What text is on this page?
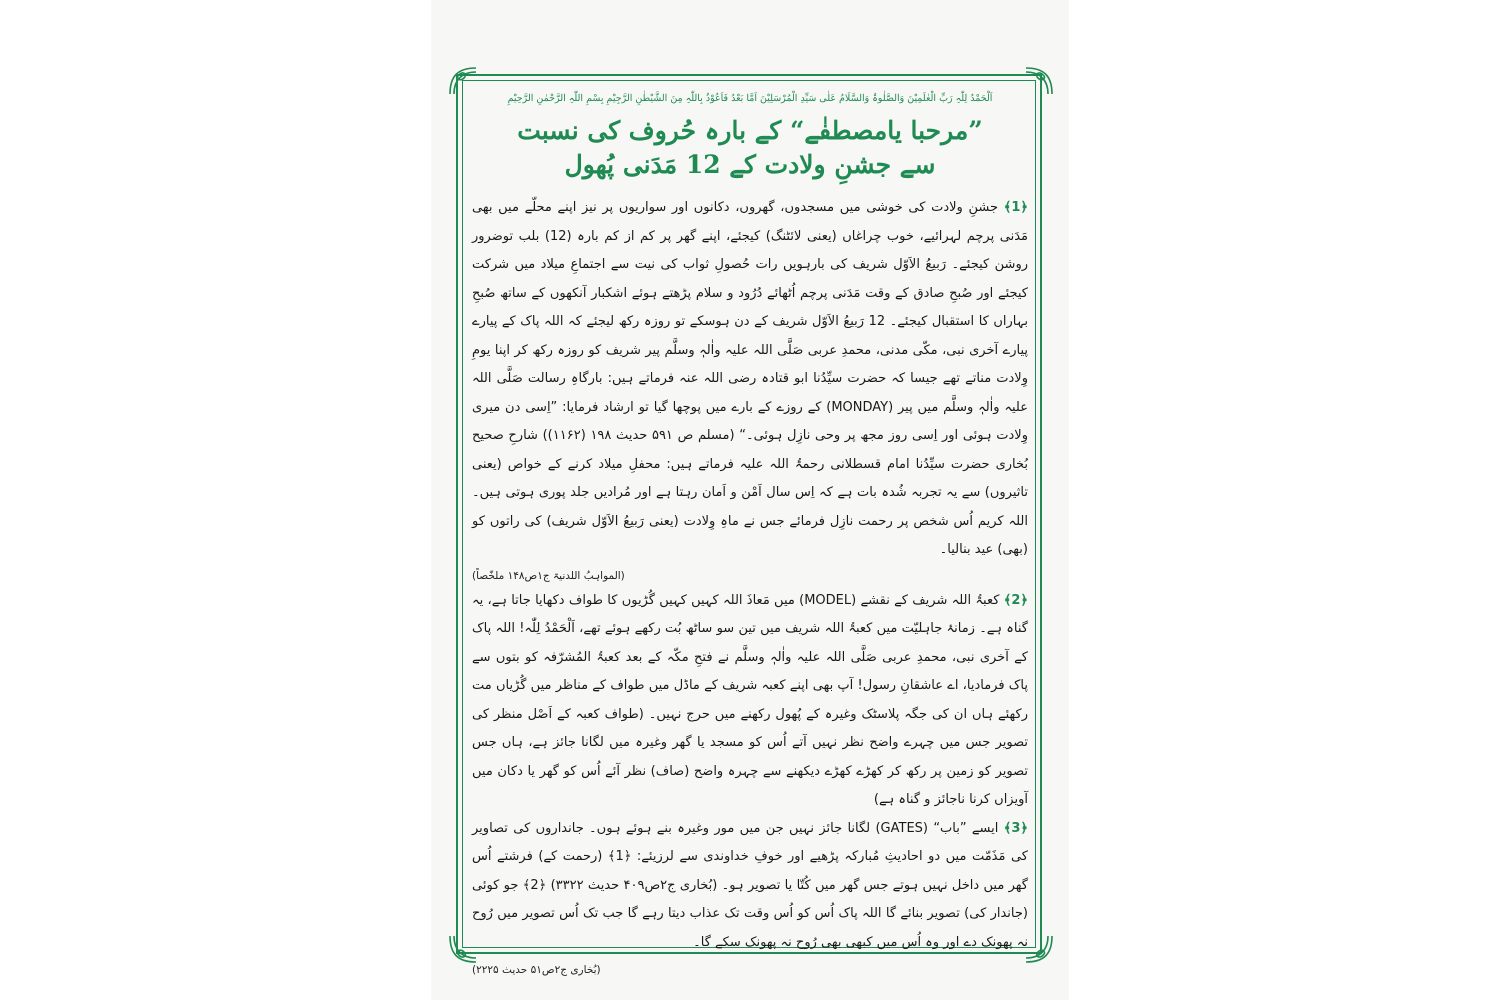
اَلْحَمْدُ لِلّٰہِ رَبِّ الْعٰلَمِیْنَ وَالصَّلٰوۃُ وَالسَّلَامُ عَلٰی سَیِّدِ الْمُرْسَلِیْنَ اَمَّا بَعْدُ فَاَعُوْذُ بِاللّٰہِ مِنَ الشَّیْطٰنِ الرَّجِیْمِ بِسْمِ اللّٰہِ الرَّحْمٰنِ الرَّحِیْمِ
”مرحبا یامصطفٰے“ کے بارہ حُروف کی نسبت
سے جشنِ ولادت کے 12 مَدَنی پُھول

﴿1﴾ جشنِ ولادت کی خوشی میں مسجدوں، گھروں، دکانوں اور سواریوں پر نیز اپنے محلّے میں بھی مَدَنی پرچم لہرائیے، خوب چراغاں (یعنی لائٹنگ) کیجئے، اپنے گھر پر کم از کم بارہ (12) بلب توضرور روشن کیجئے۔ رَبیعُ الاَوّل شریف کی بارہویں رات حُصولِ ثواب کی نیت سے اجتماعِ میلاد میں شرکت کیجئے اور صُبحِ صادق کے وقت مَدَنی پرچم اُٹھائے دُرُود و سلام پڑھتے ہوئے اشکبار آنکھوں کے ساتھ صُبحِ بہاراں کا استقبال کیجئے۔ 12 رَبیعُ الاَوّل شریف کے دن ہوسکے تو روزہ رکھ لیجئے کہ اللہ پاک کے پیارے پیارے آخری نبی، مکّی مدنی، محمدِ عربی صَلَّی اللہ علیہ واٰلہٖ وسلَّم پیر شریف کو روزہ رکھ کر اپنا یومِ وِلادت مناتے تھے جیسا کہ حضرت سیِّدُنا ابو قتادہ رضی اللہ عنہ فرماتے ہیں: بارگاہِ رسالت صَلَّی اللہ علیہ واٰلہٖ وسلَّم میں پیر (MONDAY) کے روزے کے بارے میں پوچھا گیا تو ارشاد فرمایا: ”اِسی دن میری وِلادت ہوئی اور اِسی روز مجھ پر وحی نازِل ہوئی۔“ (مسلم ص ۵۹۱ حدیث ۱۹۸ (۱۱۶۲)) شارحِ صحیح بُخاری حضرت سیِّدُنا امام قسطلانی رحمۃُ اللہ علیہ فرماتے ہیں: محفلِ میلاد کرنے کے خواص (یعنی تاثیروں) سے یہ تجربہ شُدہ بات ہے کہ اِس سال اَمْن و اَمان رہتا ہے اور مُرادیں جلد پوری ہوتی ہیں۔ اللہ کریم اُس شخص پر رحمت نازِل فرمائے جس نے ماہِ وِلادت (یعنی رَبیعُ الاَوّل شریف) کی راتوں کو (بھی) عید بنالیا۔

(المواہبُ اللدنیۃ ج۱ص۱۴۸ ملخّصاً)

﴿2﴾ کعبۃُ اللہ شریف کے نقشے (MODEL) میں مَعاذَ اللہ کہیں کہیں گُڑیوں کا طواف دکھایا جاتا ہے، یہ گناہ ہے۔ زمانۂ جاہلیّت میں کعبۃُ اللہ شریف میں تین سو ساٹھ بُت رکھے ہوئے تھے، اَلْحَمْدُ لِلّٰہ! اللہ پاک کے آخری نبی، محمدِ عربی صَلَّی اللہ علیہ واٰلہٖ وسلَّم نے فتحِ مکّہ کے بعد کعبۃُ المُشرّفہ کو بتوں سے پاک فرمادیا، اے عاشقانِ رسول! آپ بھی اپنے کعبہ شریف کے ماڈل میں طواف کے مناظر میں گُڑیاں مت رکھئے ہاں ان کی جگہ پلاسٹک وغیرہ کے پُھول رکھنے میں حرج نہیں۔ (طواف کعبہ کے اَصْل منظر کی تصویر جس میں چہرے واضح نظر نہیں آتے اُس کو مسجد یا گھر وغیرہ میں لگانا جائز ہے، ہاں جس تصویر کو زمین پر رکھ کر کھڑے کھڑے دیکھنے سے چہرہ واضح (صاف) نظر آئے اُس کو گھر یا دکان میں آویزاں کرنا ناجائز و گناہ ہے)

﴿3﴾ ایسے ”باب“ (GATES) لگانا جائز نہیں جن میں مور وغیرہ بنے ہوئے ہوں۔ جانداروں کی تصاویر کی مَذَمّت میں دو احادیثِ مُبارکہ پڑھیے اور خوفِ خداوندی سے لرزیئے: ﴿1﴾ (رحمت کے) فرشتے اُس گھر میں داخل نہیں ہوتے جس گھر میں کُتّا یا تصویر ہو۔ (بُخاری ج۲ص۴۰۹ حدیث ۳۳۲۲) ﴿2﴾ جو کوئی (جاندار کی) تصویر بنائے گا اللہ پاک اُس کو اُس وقت تک عذاب دیتا رہے گا جب تک اُس تصویر میں رُوح نہ پھونک دے اور وہ اُس میں کبھی بھی رُوح نہ پھونک سکے گا۔

(بُخاری ج۲ص۵۱ حدیث ۲۲۲۵)
